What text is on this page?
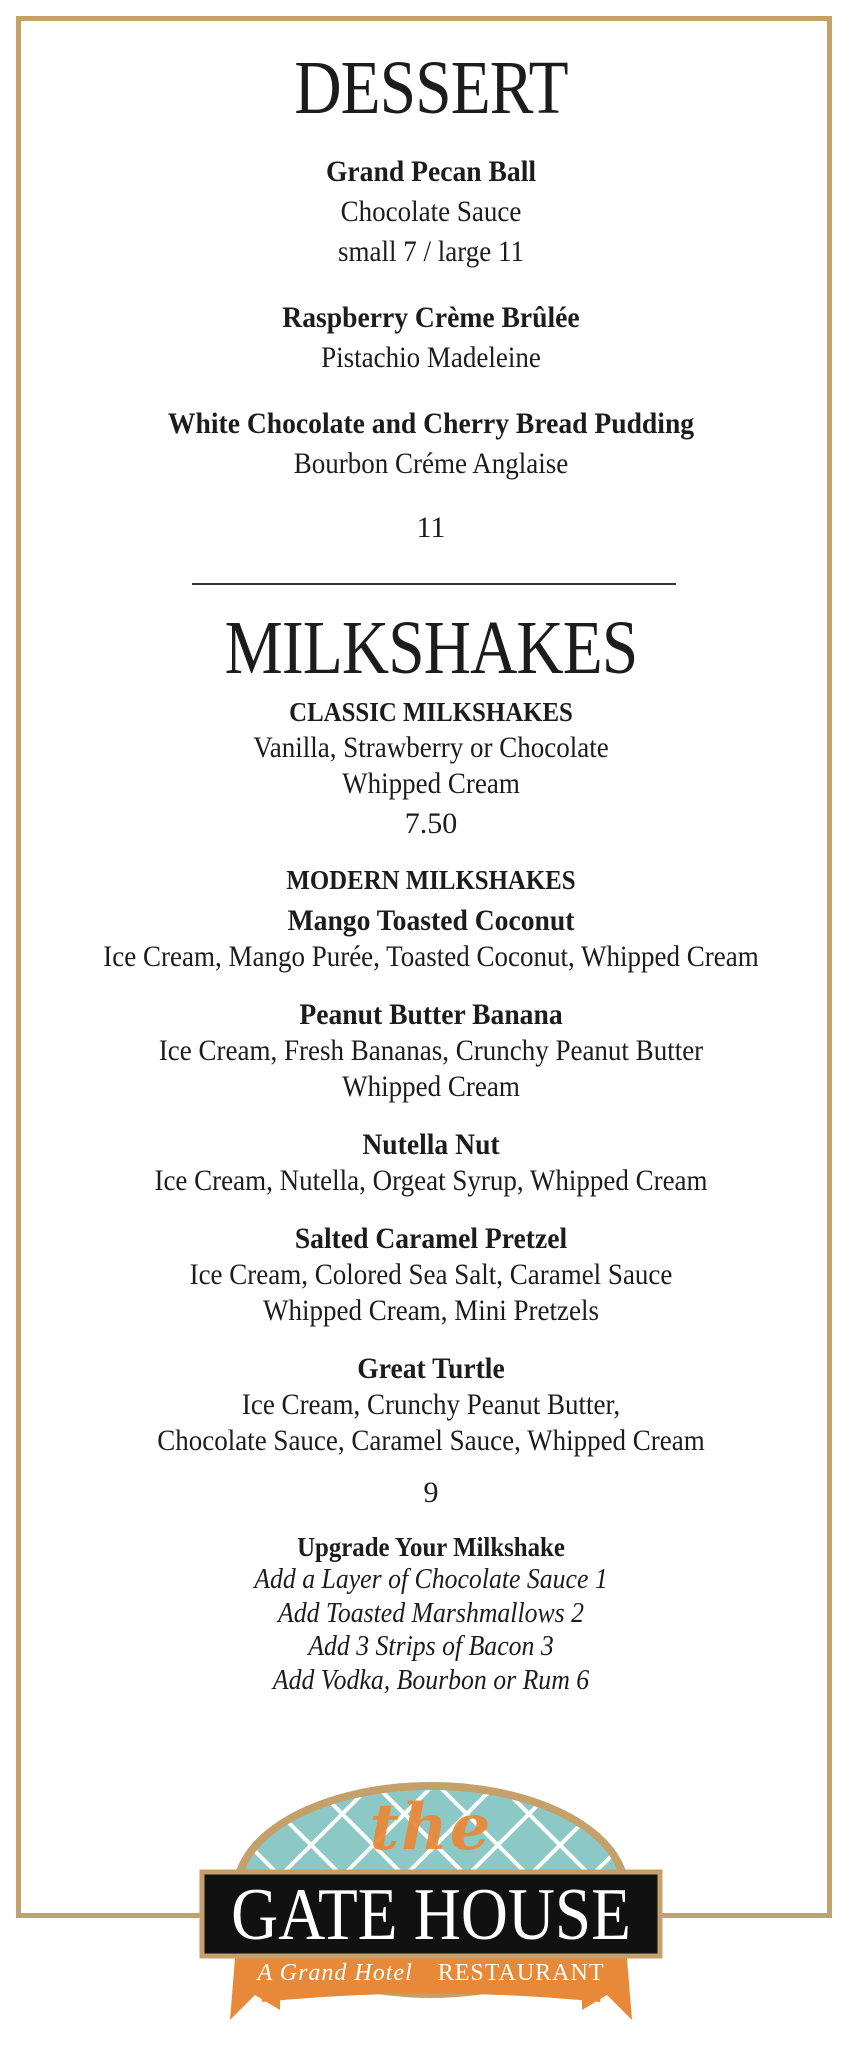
DESSERT
Grand Pecan Ball
Chocolate Sauce
small 7 / large 11
Raspberry Crème Brûlée
Pistachio Madeleine
White Chocolate and Cherry Bread Pudding
Bourbon Créme Anglaise
11
MILKSHAKES
CLASSIC MILKSHAKES
Vanilla, Strawberry or Chocolate
Whipped Cream
7.50
MODERN MILKSHAKES
Mango Toasted Coconut
Ice Cream, Mango Purée, Toasted Coconut, Whipped Cream
Peanut Butter Banana
Ice Cream, Fresh Bananas, Crunchy Peanut Butter
Whipped Cream
Nutella Nut
Ice Cream, Nutella, Orgeat Syrup, Whipped Cream
Salted Caramel Pretzel
Ice Cream, Colored Sea Salt, Caramel Sauce
Whipped Cream, Mini Pretzels
Great Turtle
Ice Cream, Crunchy Peanut Butter,
Chocolate Sauce, Caramel Sauce, Whipped Cream
9
Upgrade Your Milkshake
Add a Layer of Chocolate Sauce 1
Add Toasted Marshmallows 2
Add 3 Strips of Bacon 3
Add Vodka, Bourbon or Rum 6
the
GATE HOUSE
A Grand Hotel RESTAURANT
